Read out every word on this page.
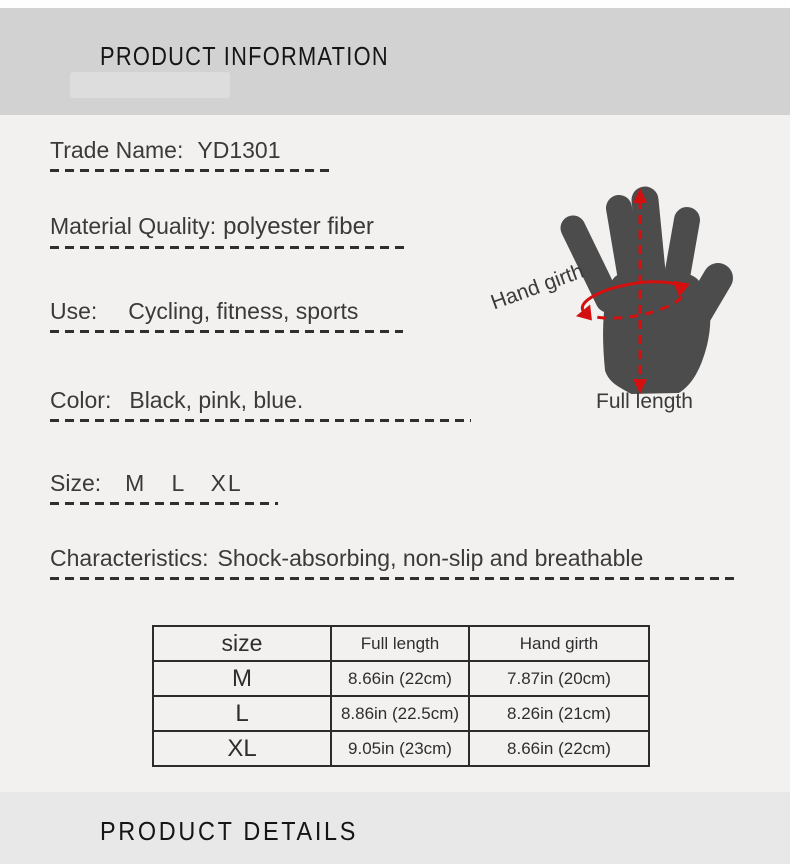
PRODUCT INFORMATION
Trade Name: YD1301
Material Quality: polyester fiber
Use: Cycling, fitness, sports
Color: Black, pink, blue.
Size: M   L   XL
Characteristics: Shock-absorbing, non-slip and breathable
Hand girth
Full length
size	Full length	Hand girth
M	8.66in (22cm)	7.87in (20cm)
L	8.86in (22.5cm)	8.26in (21cm)
XL	9.05in (23cm)	8.66in (22cm)
PRODUCT DETAILS
